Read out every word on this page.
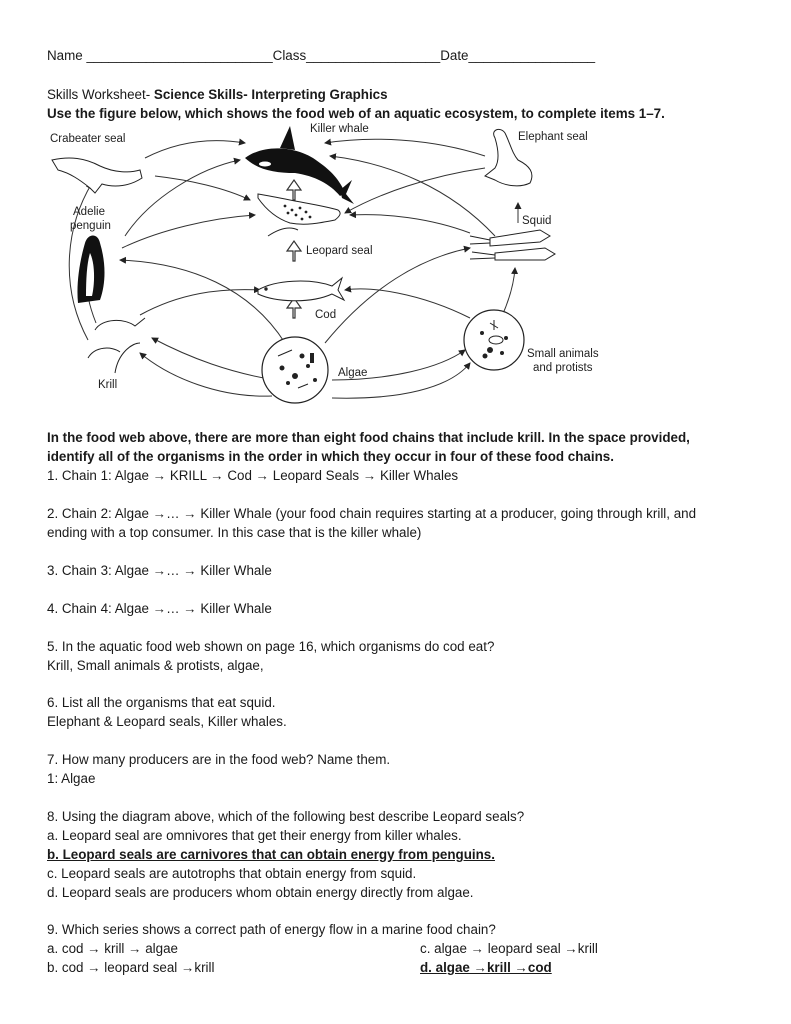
Name _________________________Class__________________Date_________________
Skills Worksheet- Science Skills- Interpreting Graphics
Use the figure below, which shows the food web of an aquatic ecosystem, to complete items 1–7.
Crabeater seal
Killer whale
Elephant seal
Adelie
penguin
Leopard seal
Squid
Cod
Krill
Algae
Small animals
and protists
In the food web above, there are more than eight food chains that include krill. In the space provided,
identify all of the organisms in the order in which they occur in four of these food chains.
1. Chain 1: Algae → KRILL → Cod → Leopard Seals → Killer Whales
2. Chain 2: Algae →… → Killer Whale (your food chain requires starting at a producer, going through krill, and
ending with a top consumer. In this case that is the killer whale)
3. Chain 3: Algae →… → Killer Whale
4. Chain 4: Algae →… → Killer Whale
5. In the aquatic food web shown on page 16, which organisms do cod eat?
Krill, Small animals & protists, algae,
6. List all the organisms that eat squid.
Elephant & Leopard seals, Killer whales.
7. How many producers are in the food web? Name them.
1: Algae
8. Using the diagram above, which of the following best describe Leopard seals?
a. Leopard seal are omnivores that get their energy from killer whales.
b. Leopard seals are carnivores that can obtain energy from penguins.
c. Leopard seals are autotrophs that obtain energy from squid.
d. Leopard seals are producers whom obtain energy directly from algae.
9. Which series shows a correct path of energy flow in a marine food chain?
a. cod → krill → algae
b. cod → leopard seal →krill
c. algae → leopard seal →krill
d. algae →krill →cod
